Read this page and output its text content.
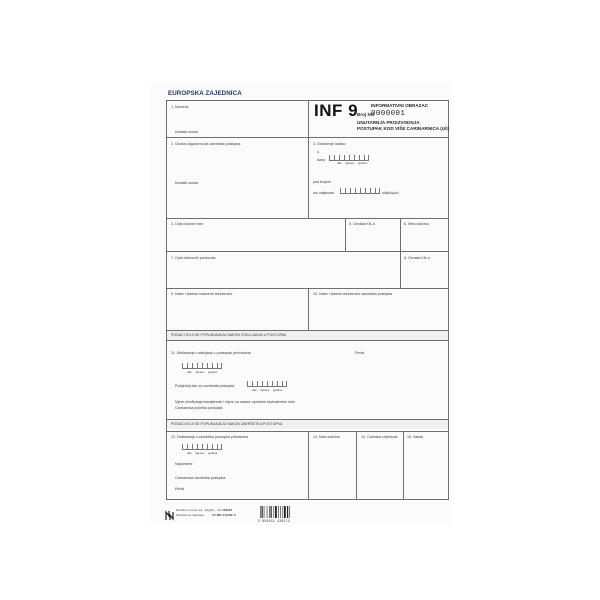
EUROPSKA ZAJEDNICA
1. Nomenk
Kontakt osoba
INF 9	INFORMATIVNI OBRAZAC
Broj NN
0000001
UNUTARNJA PROIZVODNJA
POSTUPAK KOD VIŠE CARINARNICA (U/I)
2. Osoba odgovorna za završetak postupka
Kontakt osoba
3. Odobrenje izdano:
u
dana
dan mjesec godina
pod brojem
rok valjanosti	uključujući
4. Opis uvozne robe	5. Oznaka KN-a	6. Neto količina
7. Opis dobivenih proizvoda	8. Oznaka KN-a
9. Naziv i adresa nadzorne carinarnice	10. Naziv i adresa carinarnice završetka postupka
PODACI KOJI SE POPUNJAVAJU NAKON STAVLJANJA U POSTUPAK
11. Deklaracija o stavljanju u postupak prihvaćena	Pečat
dan mjesec godina
Posljednji dan za završetak postupka
dan mjesec godina
Mjere utvrđivanja istovjetnosti i mjere za nadzor upotrebe ekvivalentne robe
Carinarnica početka postupka
PODACI KOJI SE POPUNJAVAJU NAKON ZAVRŠETKA POSTUPKA
12. Deklaracija o završetku postupka prihvaćena
dan mjesec godina
Napomene
Carinarnica završetka postupka
Pečat
13. Neto količina	14. Carinska vrijednost	15. Valuta
Narodne novine d.d., Zagreb – 10
Obrazac se naručuje:
136033
UT-MR-146 INF 9
3 850151 136173
